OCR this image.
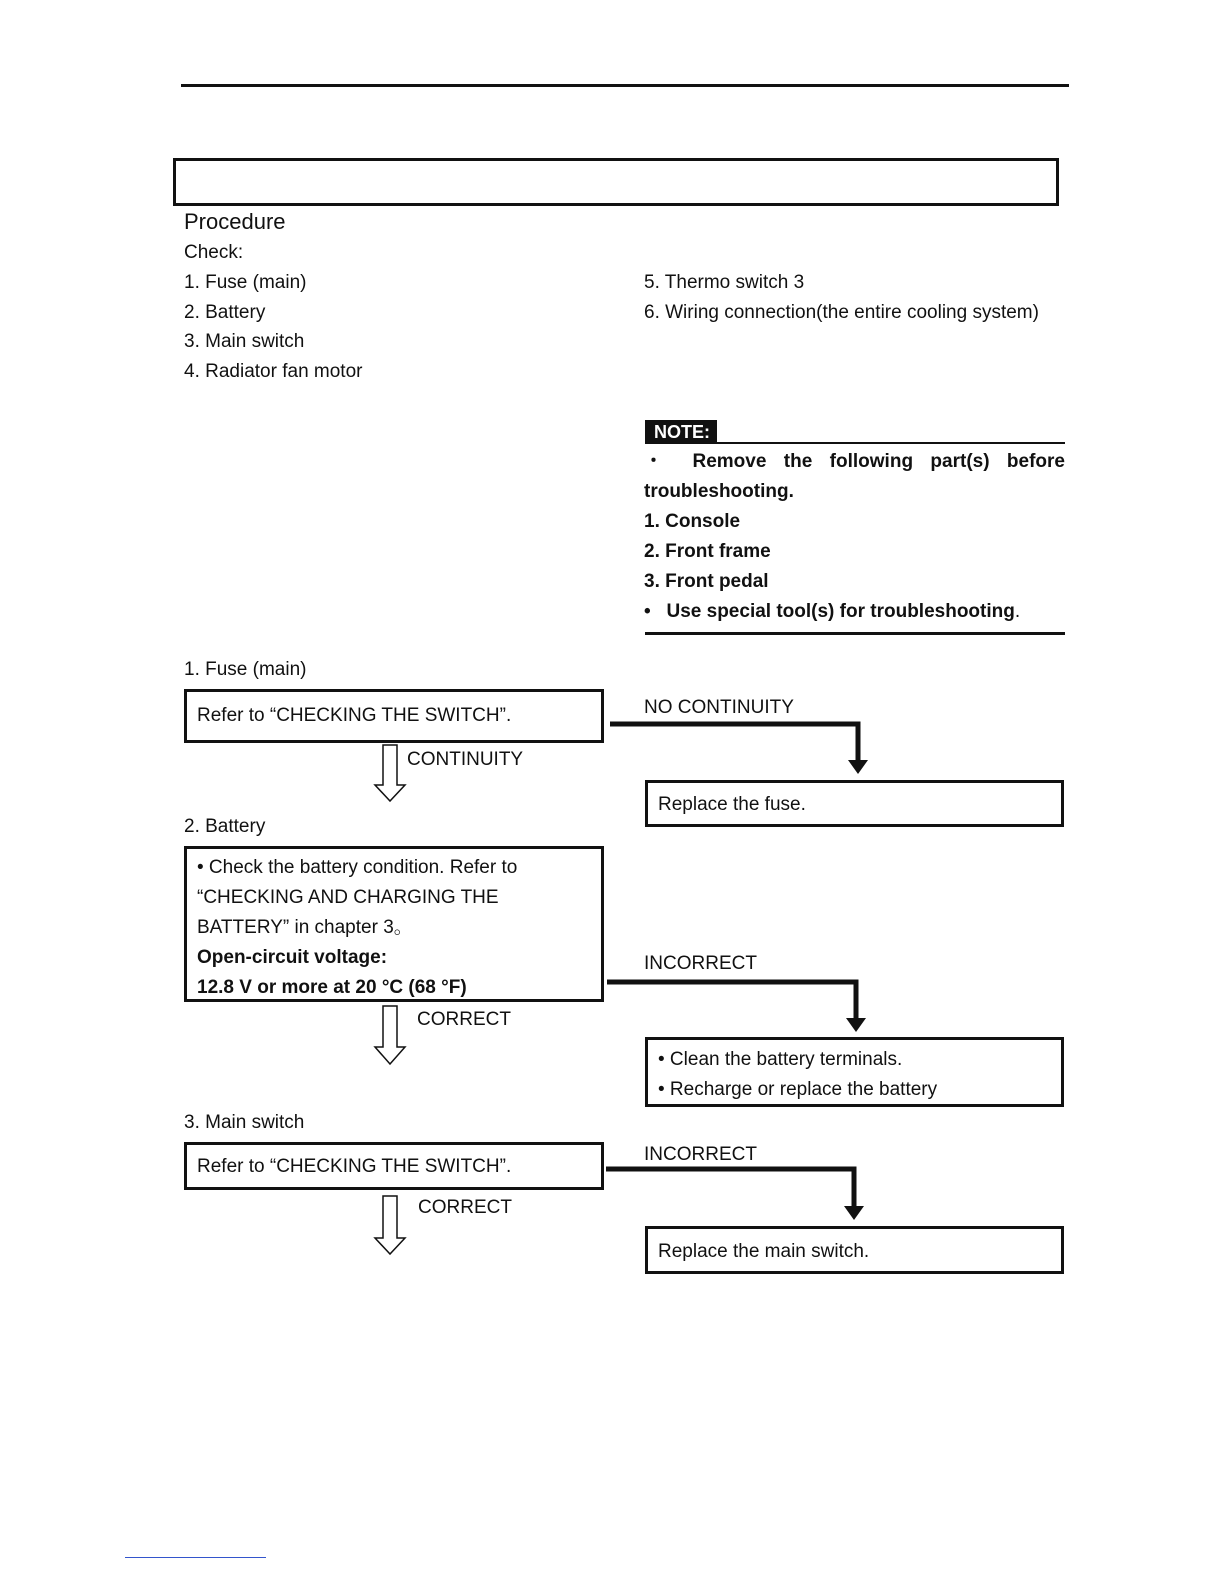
Procedure
Check:
1. Fuse (main)
2. Battery
3. Main switch
4. Radiator fan motor
5. Thermo switch 3
6. Wiring connection(the entire cooling system)
NOTE:
・ Remove the following part(s) before
troubleshooting.
1. Console
2. Front frame
3. Front pedal
• Use special tool(s) for troubleshooting.
1. Fuse (main)
Refer to “CHECKING THE SWITCH”.
CONTINUITY
NO CONTINUITY
Replace the fuse.
2. Battery
• Check the battery condition. Refer to
“CHECKING AND CHARGING THE
BATTERY” in chapter 3。
Open-circuit voltage:
12.8 V or more at 20 °C (68 °F)
CORRECT
INCORRECT
• Clean the battery terminals.
• Recharge or replace the battery
3. Main switch
Refer to “CHECKING THE SWITCH”.
CORRECT
INCORRECT
Replace the main switch.
